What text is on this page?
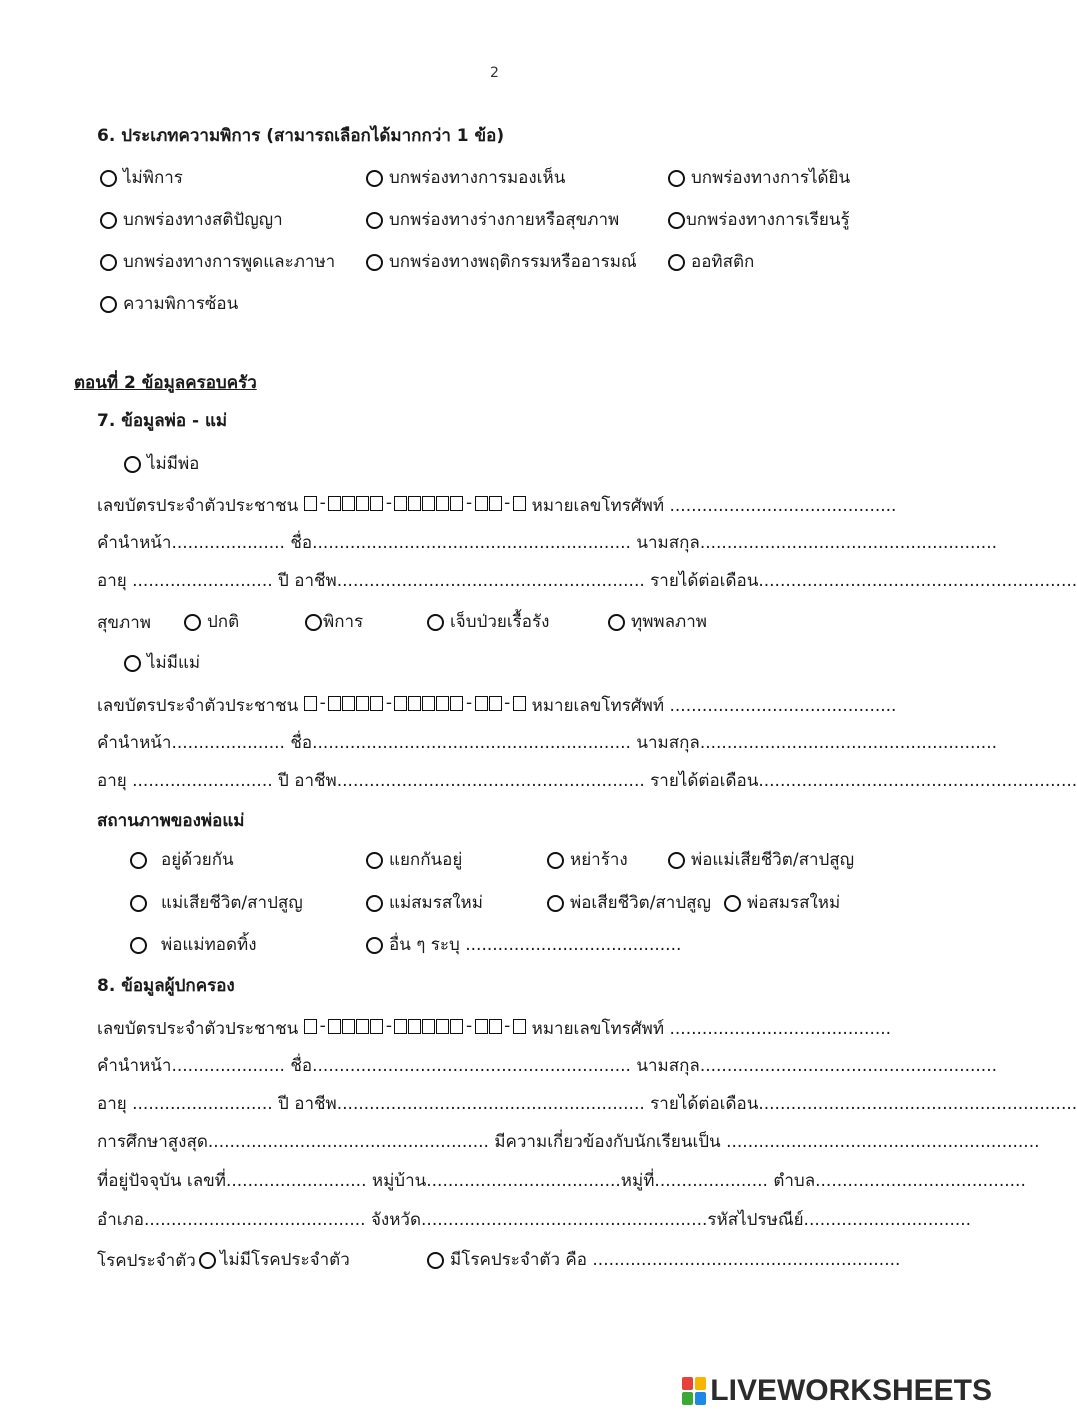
2
6. ประเภทความพิการ (สามารถเลือกได้มากกว่า 1 ข้อ)
ไม่พิการ	บกพร่องทางการมองเห็น	บกพร่องทางการได้ยิน
บกพร่องทางสติปัญญา	บกพร่องทางร่างกายหรือสุขภาพ	บกพร่องทางการเรียนรู้
บกพร่องทางการพูดและภาษา	บกพร่องทางพฤติกรรมหรืออารมณ์	ออทิสติก
ความพิการซ้อน
ตอนที่ 2 ข้อมูลครอบครัว
7. ข้อมูลพ่อ - แม่
ไม่มีพ่อ
เลขบัตรประจำตัวประชาชน -	-	- - หมายเลขโทรศัพท์ ..........................................
คำนำหน้า..................... ชื่อ........................................................... นามสกุล.......................................................
อายุ .......................... ปี อาชีพ......................................................... รายได้ต่อเดือน...........................................................
สุขภาพ	ปกติ	พิการ	เจ็บป่วยเรื้อรัง	ทุพพลภาพ
ไม่มีแม่
เลขบัตรประจำตัวประชาชน -	-	- - หมายเลขโทรศัพท์ ..........................................
คำนำหน้า..................... ชื่อ........................................................... นามสกุล.......................................................
อายุ .......................... ปี อาชีพ......................................................... รายได้ต่อเดือน...........................................................
สถานภาพของพ่อแม่
อยู่ด้วยกัน	แยกกันอยู่	หย่าร้าง	พ่อแม่เสียชีวิต/สาปสูญ
แม่เสียชีวิต/สาปสูญ	แม่สมรสใหม่	พ่อเสียชีวิต/สาปสูญ พ่อสมรสใหม่
พ่อแม่ทอดทิ้ง	อื่น ๆ ระบุ
........................................
8. ข้อมูลผู้ปกครอง
เลขบัตรประจำตัวประชาชน -	-	- - หมายเลขโทรศัพท์ .........................................
คำนำหน้า..................... ชื่อ........................................................... นามสกุล.......................................................
อายุ .......................... ปี อาชีพ......................................................... รายได้ต่อเดือน...........................................................
การศึกษาสูงสุด.................................................... มีความเกี่ยวข้องกับนักเรียนเป็น ..........................................................
ที่อยู่ปัจจุบัน เลขที่.......................... หมู่บ้าน....................................หมู่ที่..................... ตำบล.......................................
อำเภอ......................................... จังหวัด.....................................................รหัสไปรษณีย์...............................
โรคประจำตัว ไม่มีโรคประจำตัว	มีโรคประจำตัว คือ
.........................................................
LIVEWORKSHEETS
